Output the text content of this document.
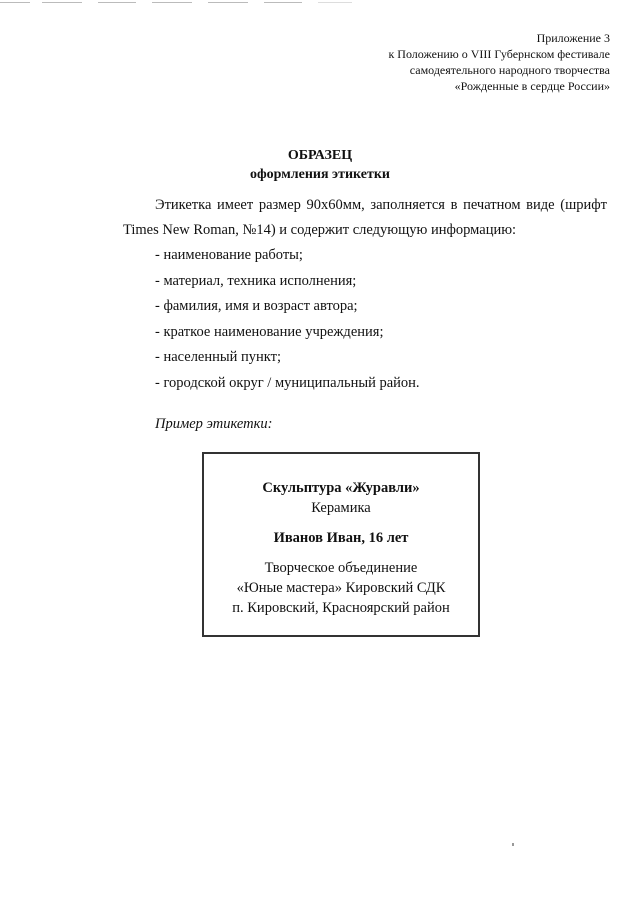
Приложение 3
к Положению о VIII Губернском фестивале
самодеятельного народного творчества
«Рожденные в сердце России»
ОБРАЗЕЦ
оформления этикетки
Этикетка имеет размер 90х60мм, заполняется в печатном виде (шрифт Times New Roman, №14) и содержит следующую информацию:
- наименование работы;
- материал, техника исполнения;
- фамилия, имя и возраст автора;
- краткое наименование учреждения;
- населенный пункт;
- городской округ / муниципальный район.
Пример этикетки:
Скульптура «Журавли»
Керамика
Иванов Иван, 16 лет
Творческое объединение
«Юные мастера» Кировский СДК
п. Кировский, Красноярский район
